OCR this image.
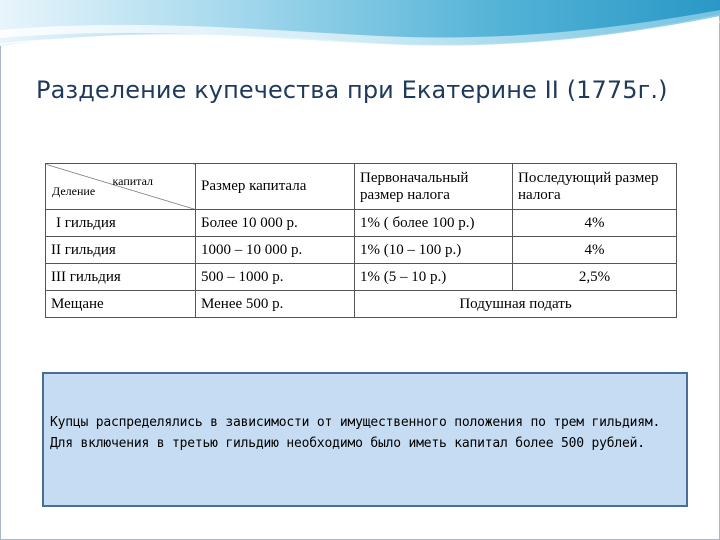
Разделение купечества при Екатерине II (1775г.)
капитал
Деление	Размер капитала	Первоначальный размер налога	Последующий размер налога
I гильдия	Более 10 000 р.	1% ( более 100 р.)	4%
II гильдия	1000 – 10 000 р.	1% (10 – 100 р.)	4%
III гильдия	500 – 1000 р.	1% (5 – 10 р.)	2,5%
Мещане	Менее 500 р.	Подушная подать	
Купцы распределялись в зависимости от имущественного положения по трем гильдиям. Для включения в третью гильдию необходимо было иметь капитал более 500 рублей.
